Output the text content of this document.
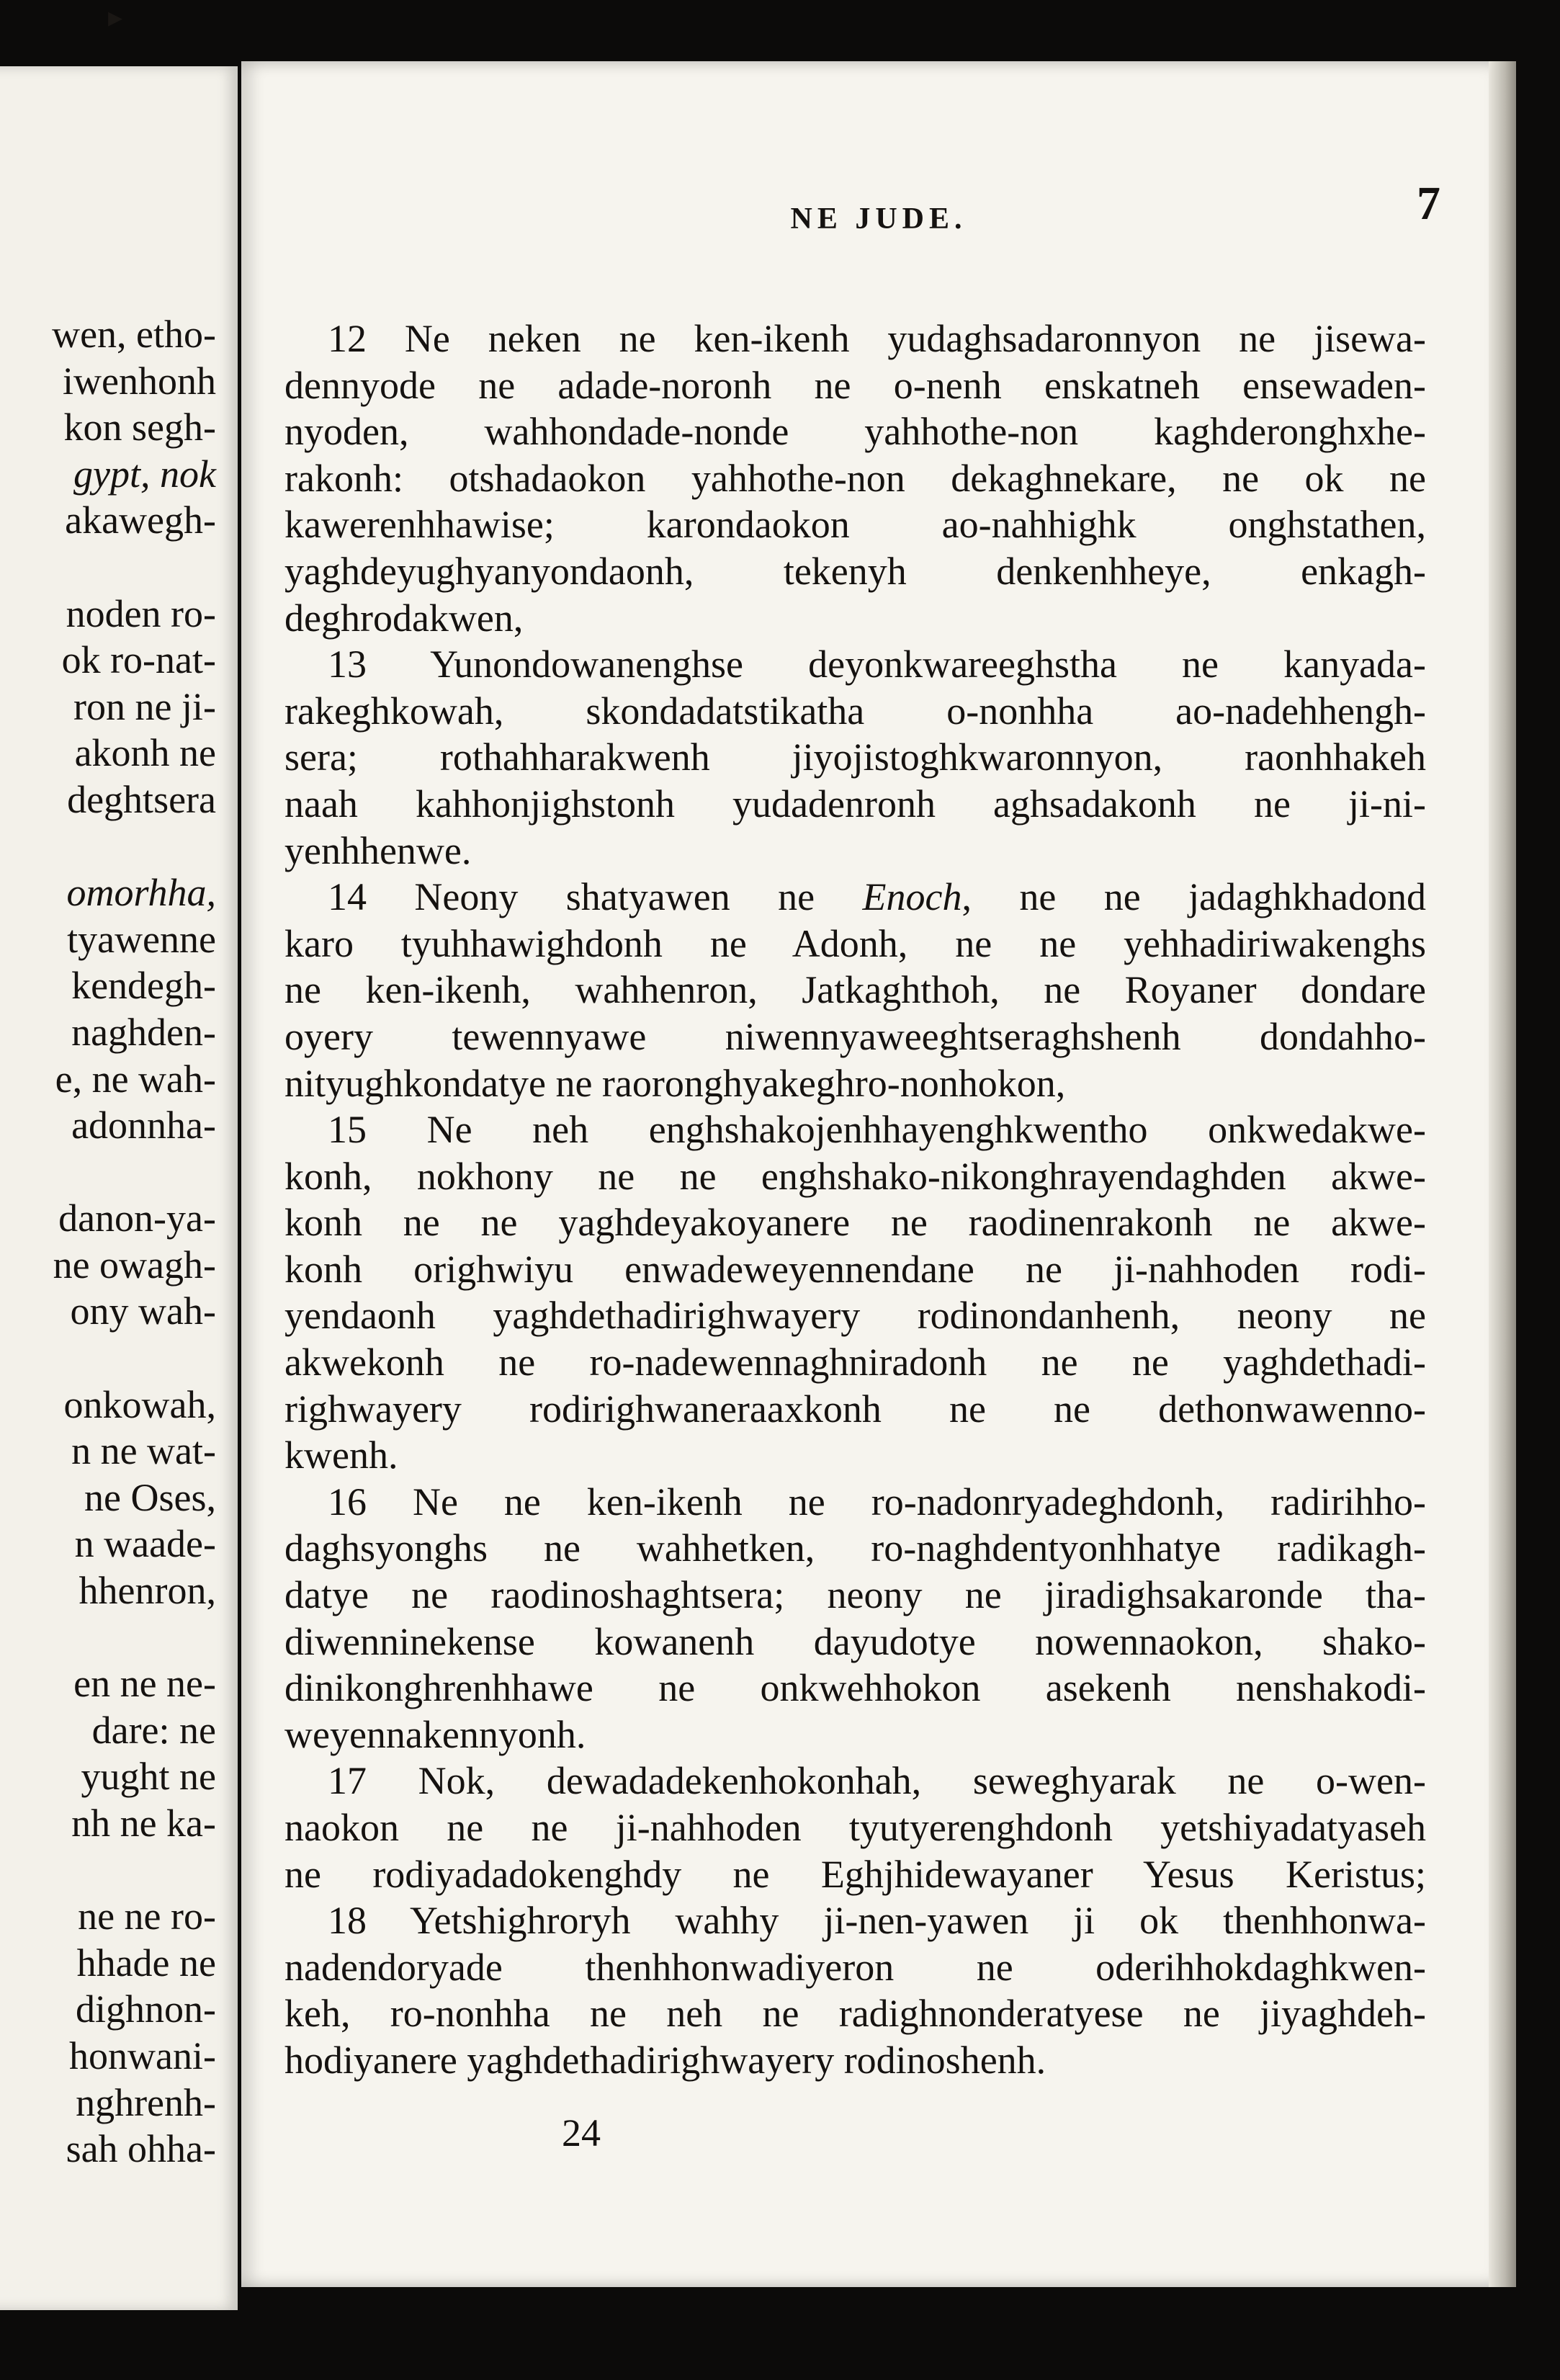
wen, etho-
iwenhonh
kon segh-
gypt, nok
akawegh-
noden ro-
ok ro-nat-
ron ne ji-
akonh ne
deghtsera
omorhha,
tyawenne
kendegh-
naghden-
e, ne wah-
adonnha-
danon-ya-
ne owagh-
ony wah-
onkowah,
n ne wat-
ne Oses,
n waade-
hhenron,
en ne ne-
dare: ne
yught ne
nh ne ka-
ne ne ro-
hhade ne
dighnon-
honwani-
nghrenh-
sah ohha-
NE JUDE.	7
12 Ne neken ne ken-ikenh yudaghsadaronnyon ne jisewa-
dennyode ne adade-noronh ne o-nenh enskatneh ensewaden-
nyoden, wahhondade-nonde yahhothe-non kaghderonghxhe-
rakonh: otshadaokon yahhothe-non dekaghnekare, ne ok ne
kawerenhhawise; karondaokon ao-nahhighk onghstathen,
yaghdeyughyanyondaonh, tekenyh denkenhheye, enkagh-
deghrodakwen,
13 Yunondowanenghse deyonkwareeghstha ne kanyada-
rakeghkowah, skondadatstikatha o-nonhha ao-nadehhengh-
sera; rothahharakwenh jiyojistoghkwaronnyon, raonhhakeh
naah kahhonjighstonh yudadenronh aghsadakonh ne ji-ni-
yenhhenwe.
14 Neony shatyawen ne Enoch, ne ne jadaghkhadond
karo tyuhhawighdonh ne Adonh, ne ne yehhadiriwakenghs
ne ken-ikenh, wahhenron, Jatkaghthoh, ne Royaner dondare
oyery tewennyawe niwennyaweeghtseraghshenh dondahho-
nityughkondatye ne raoronghyakeghro-nonhokon,
15 Ne neh enghshakojenhhayenghkwentho onkwedakwe-
konh, nokhony ne ne enghshako-nikonghrayendaghden akwe-
konh ne ne yaghdeyakoyanere ne raodinenrakonh ne akwe-
konh orighwiyu enwadeweyennendane ne ji-nahhoden rodi-
yendaonh yaghdethadirighwayery rodinondanhenh, neony ne
akwekonh ne ro-nadewennaghniradonh ne ne yaghdethadi-
righwayery rodirighwaneraaxkonh ne ne dethonwawenno-
kwenh.
16 Ne ne ken-ikenh ne ro-nadonryadeghdonh, radirihho-
daghsyonghs ne wahhetken, ro-naghdentyonhhatye radikagh-
datye ne raodinoshaghtsera; neony ne jiradighsakaronde tha-
diwenninekense kowanenh dayudotye nowennaokon, shako-
dinikonghrenhhawe ne onkwehhokon asekenh nenshakodi-
weyennakennyonh.
17 Nok, dewadadekenhokonhah, seweghyarak ne o-wen-
naokon ne ne ji-nahhoden tyutyerenghdonh yetshiyadatyaseh
ne rodiyadadokenghdy ne Eghjhidewayaner Yesus Keristus;
18 Yetshighroryh wahhy ji-nen-yawen ji ok thenhhonwa-
nadendoryade thenhhonwadiyeron ne oderihhokdaghkwen-
keh, ro-nonhha ne neh ne radighnonderatyese ne jiyaghdeh-
hodiyanere yaghdethadirighwayery rodinoshenh.
24
▸
